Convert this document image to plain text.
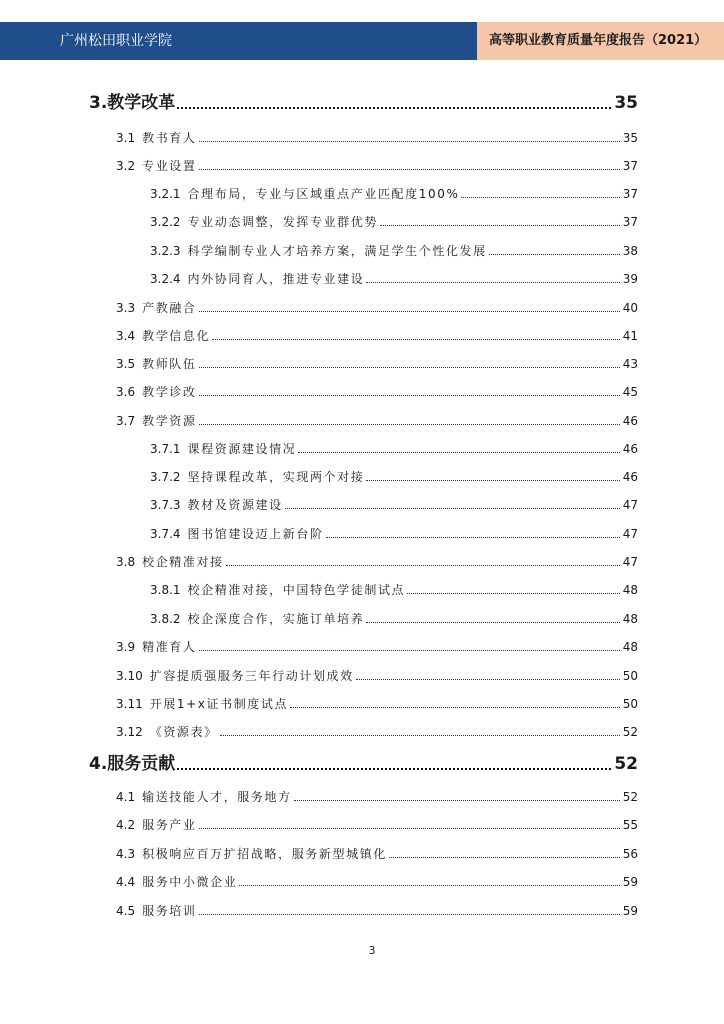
广州松田职业学院	高等职业教育质量年度报告（2021）
3. 教学改革	35
3.1 教书育人	35
3.2 专业设置	37
3.2.1 合理布局，专业与区域重点产业匹配度100%	37
3.2.2 专业动态调整，发挥专业群优势	37
3.2.3 科学编制专业人才培养方案，满足学生个性化发展	38
3.2.4 内外协同育人，推进专业建设	39
3.3 产教融合	40
3.4 教学信息化	41
3.5 教师队伍	43
3.6 教学诊改	45
3.7 教学资源	46
3.7.1 课程资源建设情况	46
3.7.2 坚持课程改革，实现两个对接	46
3.7.3 教材及资源建设	47
3.7.4 图书馆建设迈上新台阶	47
3.8 校企精准对接	47
3.8.1 校企精准对接，中国特色学徒制试点	48
3.8.2 校企深度合作，实施订单培养	48
3.9 精准育人	48
3.10 扩容提质强服务三年行动计划成效	50
3.11 开展1+x证书制度试点	50
3.12 《资源表》	52
4. 服务贡献	52
4.1 输送技能人才，服务地方	52
4.2 服务产业	55
4.3 积极响应百万扩招战略，服务新型城镇化	56
4.4 服务中小微企业	59
4.5 服务培训	59
3
